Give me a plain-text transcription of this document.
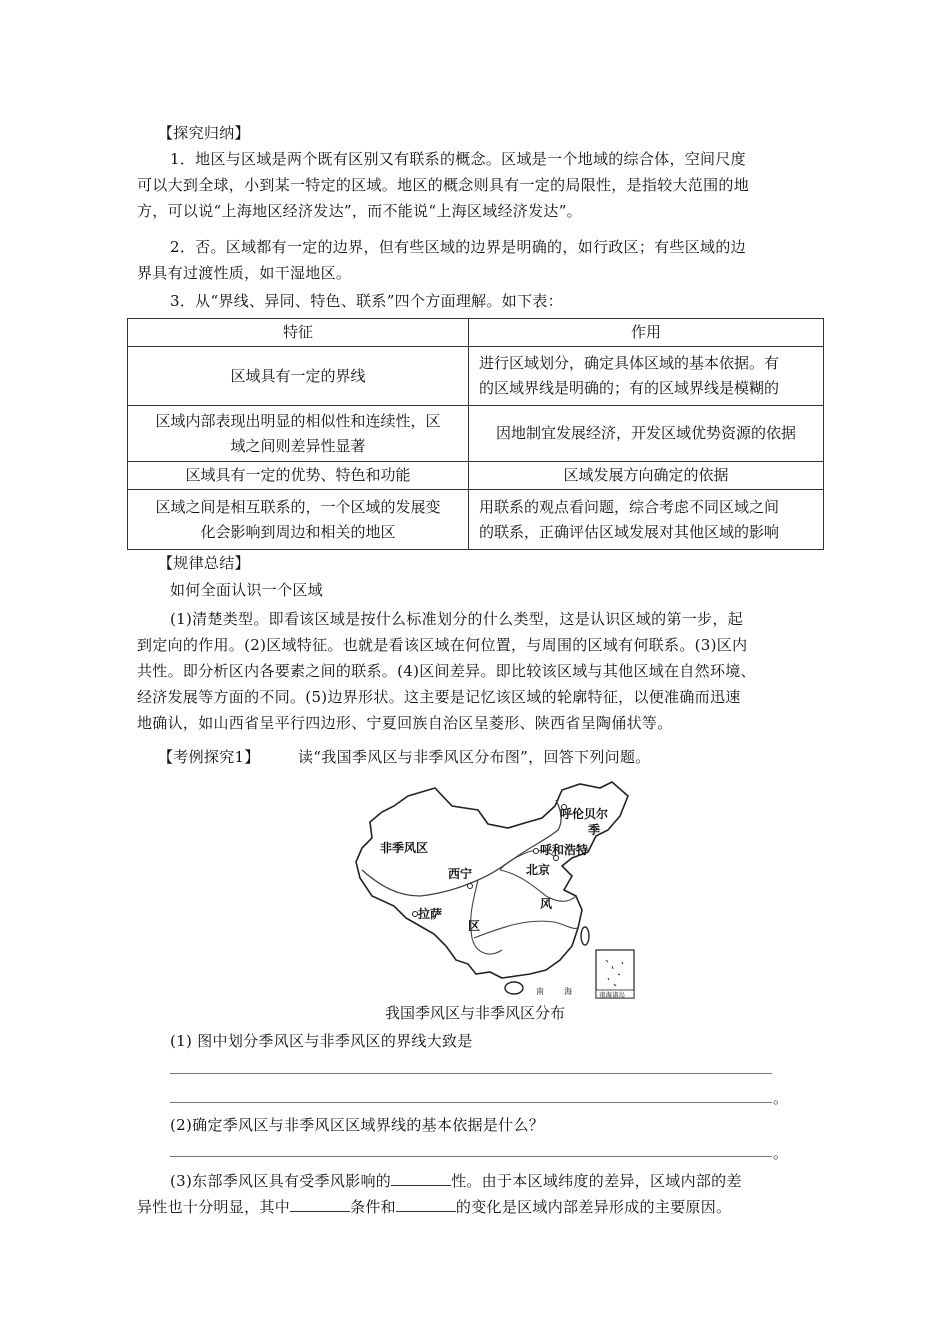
【探究归纳】
1．地区与区域是两个既有区别又有联系的概念。区域是一个地域的综合体，空间尺度
可以大到全球，小到某一特定的区域。地区的概念则具有一定的局限性，是指较大范围的地
方，可以说“上海地区经济发达”，而不能说“上海区域经济发达”。
2．否。区域都有一定的边界，但有些区域的边界是明确的，如行政区；有些区域的边
界具有过渡性质，如干湿地区。
3．从“界线、异同、特色、联系”四个方面理解。如下表：
特征	作用
区域具有一定的界线	进行区域划分，确定具体区域的基本依据。有
的区域界线是明确的；有的区域界线是模糊的
区域内部表现出明显的相似性和连续性，区
域之间则差异性显著	因地制宜发展经济，开发区域优势资源的依据
区域具有一定的优势、特色和功能	区域发展方向确定的依据
区域之间是相互联系的，一个区域的发展变
化会影响到周边和相关的地区	用联系的观点看问题，综合考虑不同区域之间
的联系，正确评估区域发展对其他区域的影响
【规律总结】
如何全面认识一个区域
(1)清楚类型。即看该区域是按什么标准划分的什么类型，这是认识区域的第一步，起
到定向的作用。(2)区域特征。也就是看该区域在何位置，与周围的区域有何联系。(3)区内
共性。即分析区内各要素之间的联系。(4)区间差异。即比较该区域与其他区域在自然环境、
经济发展等方面的不同。(5)边界形状。这主要是记忆该区域的轮廓特征，以便准确而迅速
地确认，如山西省呈平行四边形、宁夏回族自治区呈菱形、陕西省呈陶俑状等。
【考例探究1】	读“我国季风区与非季风区分布图”，回答下列问题。
非季风区
呼伦贝尔
季
呼和浩特
北京
西宁
风
拉萨
区
南	海	南海诸岛
我国季风区与非季风区分布
(1) 图中划分季风区与非季风区的界线大致是
。
(2)确定季风区与非季风区区域界线的基本依据是什么？
。
(3)东部季风区具有受季风影响的	性。由于本区域纬度的差异，区域内部的差
异性也十分明显，其中	条件和	的变化是区域内部差异形成的主要原因。
